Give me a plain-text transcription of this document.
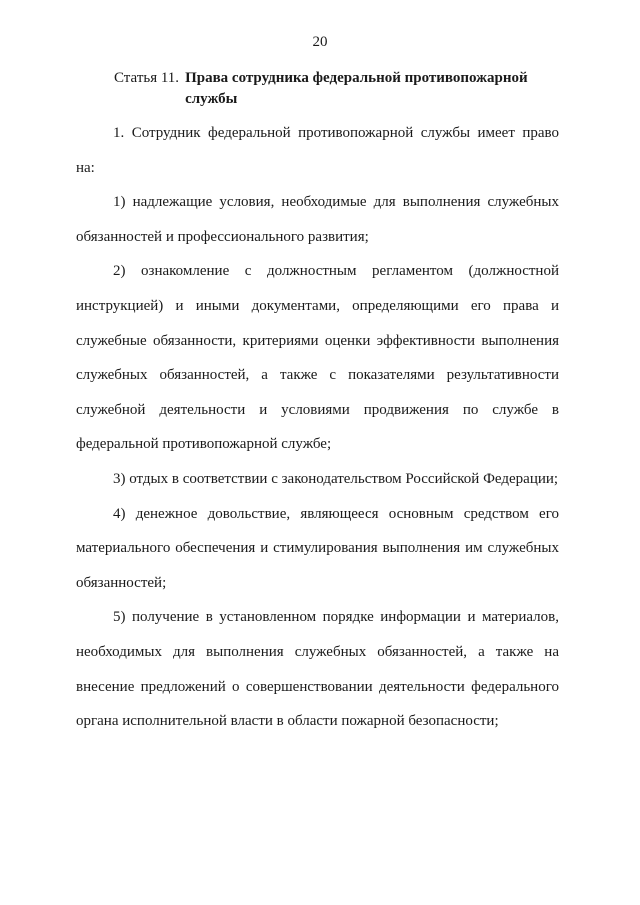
20
Статья 11. Права сотрудника федеральной противопожарной службы

1. Сотрудник федеральной противопожарной службы имеет право на:

1) надлежащие условия, необходимые для выполнения служебных обязанностей и профессионального развития;

2) ознакомление с должностным регламентом (должностной инструкцией) и иными документами, определяющими его права и служебные обязанности, критериями оценки эффективности выполнения служебных обязанностей, а также с показателями результативности служебной деятельности и условиями продвижения по службе в федеральной противопожарной службе;

3) отдых в соответствии с законодательством Российской Федерации;

4) денежное довольствие, являющееся основным средством его материального обеспечения и стимулирования выполнения им служебных обязанностей;

5) получение в установленном порядке информации и материалов, необходимых для выполнения служебных обязанностей, а также на внесение предложений о совершенствовании деятельности федерального органа исполнительной власти в области пожарной безопасности;
